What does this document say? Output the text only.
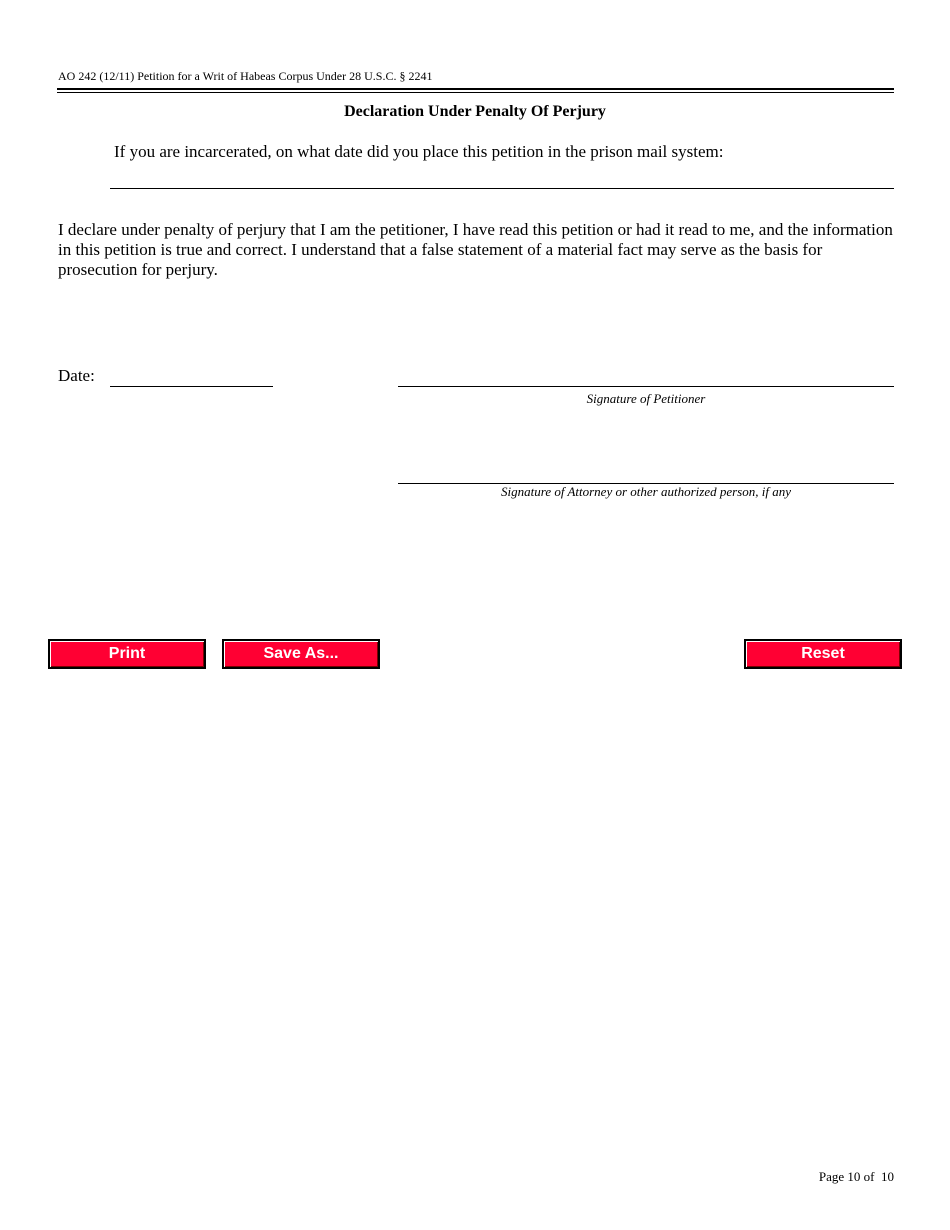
AO 242 (12/11) Petition for a Writ of Habeas Corpus Under 28 U.S.C. § 2241
Declaration Under Penalty Of Perjury
If you are incarcerated, on what date did you place this petition in the prison mail system:
I declare under penalty of perjury that I am the petitioner, I have read this petition or had it read to me, and the information in this petition is true and correct. I understand that a false statement of a material fact may serve as the basis for prosecution for perjury.
Date:
Signature of Petitioner
Signature of Attorney or other authorized person, if any
Print	Save As...	Reset
Page 10 of  10
